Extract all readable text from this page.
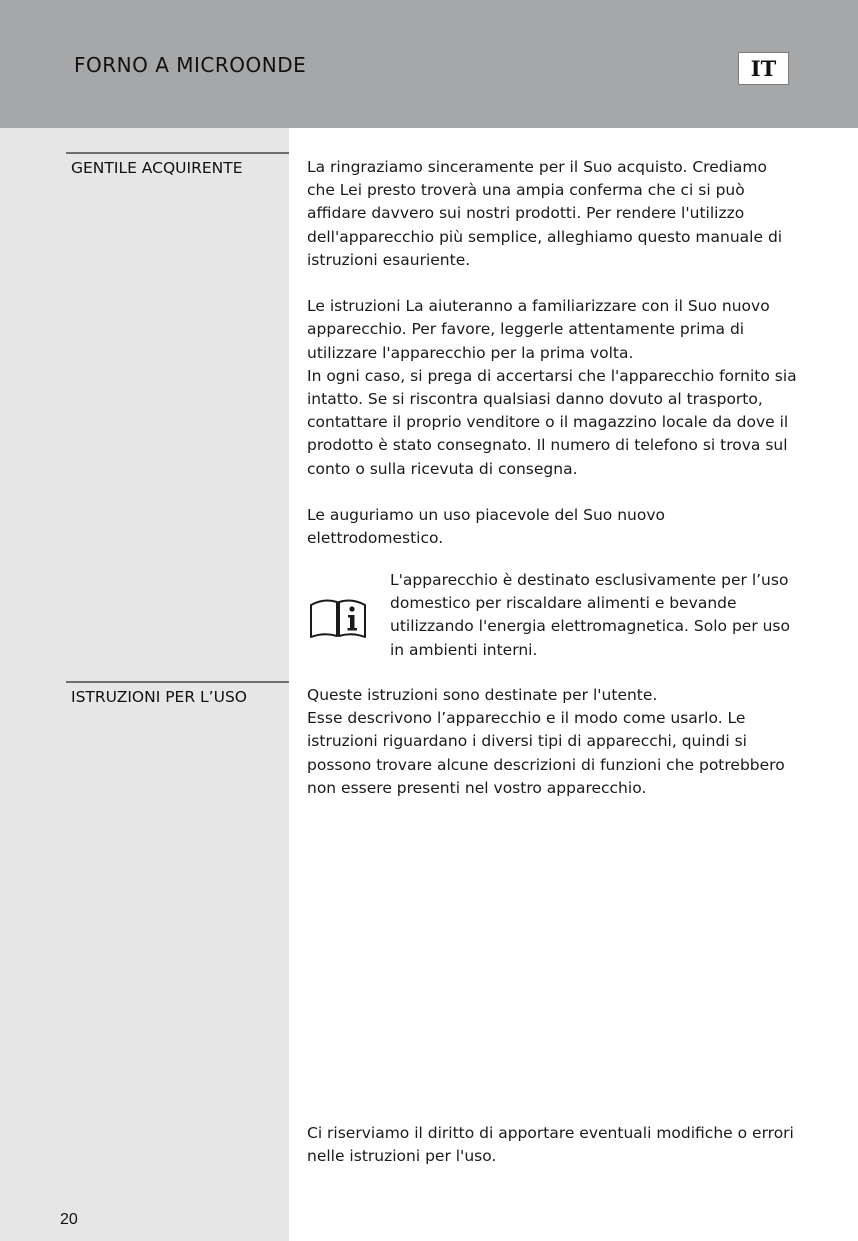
FORNO A MICROONDE	IT
GENTILE ACQUIRENTE	La ringraziamo sinceramente per il Suo acquisto. Crediamo che Lei presto troverà una ampia conferma che ci si può affidare davvero sui nostri prodotti. Per rendere l'utilizzo dell'apparecchio più semplice, alleghiamo questo manuale di istruzioni esauriente.

Le istruzioni La aiuteranno a familiarizzare con il Suo nuovo apparecchio. Per favore, leggerle attentamente prima di utilizzare l'apparecchio per la prima volta.

In ogni caso, si prega di accertarsi che l'apparecchio fornito sia intatto. Se si riscontra qualsiasi danno dovuto al trasporto, contattare il proprio venditore o il magazzino locale da dove il prodotto è stato consegnato. Il numero di telefono si trova sul conto o sulla ricevuta di consegna.

Le auguriamo un uso piacevole del Suo nuovo elettrodomestico.

L'apparecchio è destinato esclusivamente per l’uso domestico per riscaldare alimenti e bevande utilizzando l'energia elettromagnetica. Solo per uso in ambienti interni.
ISTRUZIONI PER L’USO	Queste istruzioni sono destinate per l'utente.

Esse descrivono l’apparecchio e il modo come usarlo. Le istruzioni riguardano i diversi tipi di apparecchi, quindi si possono trovare alcune descrizioni di funzioni che potrebbero non essere presenti nel vostro apparecchio.

Ci riserviamo il diritto di apportare eventuali modifiche o errori nelle istruzioni per l'uso.
20
